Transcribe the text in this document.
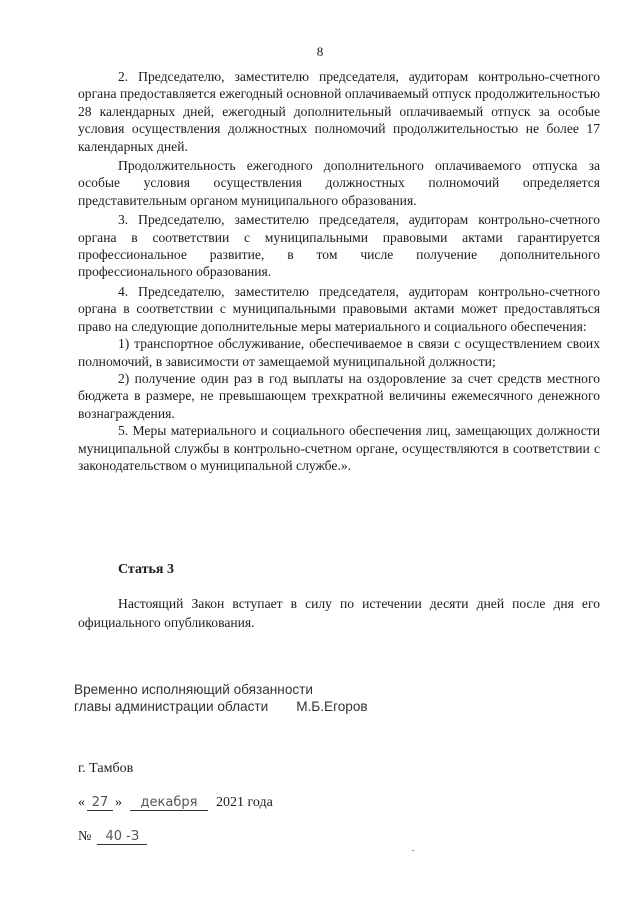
8

2. Председателю, заместителю председателя, аудиторам контрольно-счетного органа предоставляется ежегодный основной оплачиваемый отпуск продолжительностью 28 календарных дней, ежегодный дополнительный оплачиваемый отпуск за особые условия осуществления должностных полномочий продолжительностью не более 17 календарных дней.

Продолжительность ежегодного дополнительного оплачиваемого отпуска за особые условия осуществления должностных полномочий определяется представительным органом муниципального образования.

3. Председателю, заместителю председателя, аудиторам контрольно-счетного органа в соответствии с муниципальными правовыми актами гарантируется профессиональное развитие, в том числе получение дополнительного профессионального образования.

4. Председателю, заместителю председателя, аудиторам контрольно-счетного органа в соответствии с муниципальными правовыми актами может предоставляться право на следующие дополнительные меры материального и социального обеспечения:

1) транспортное обслуживание, обеспечиваемое в связи с осуществлением своих полномочий, в зависимости от замещаемой муниципальной должности;

2) получение один раз в год выплаты на оздоровление за счет средств местного бюджета в размере, не превышающем трехкратной величины ежемесячного денежного вознаграждения.

5. Меры материального и социального обеспечения лиц, замещающих должности муниципальной службы в контрольно-счетном органе, осуществляются в соответствии с законодательством о муниципальной службе.».

Статья 3

Настоящий Закон вступает в силу по истечении десяти дней после дня его официального опубликования.

Временно исполняющий обязанности
главы администрации области М.Б.Егоров
г. Тамбов
« 27 »	декабря	2021 года
№	40 -З
